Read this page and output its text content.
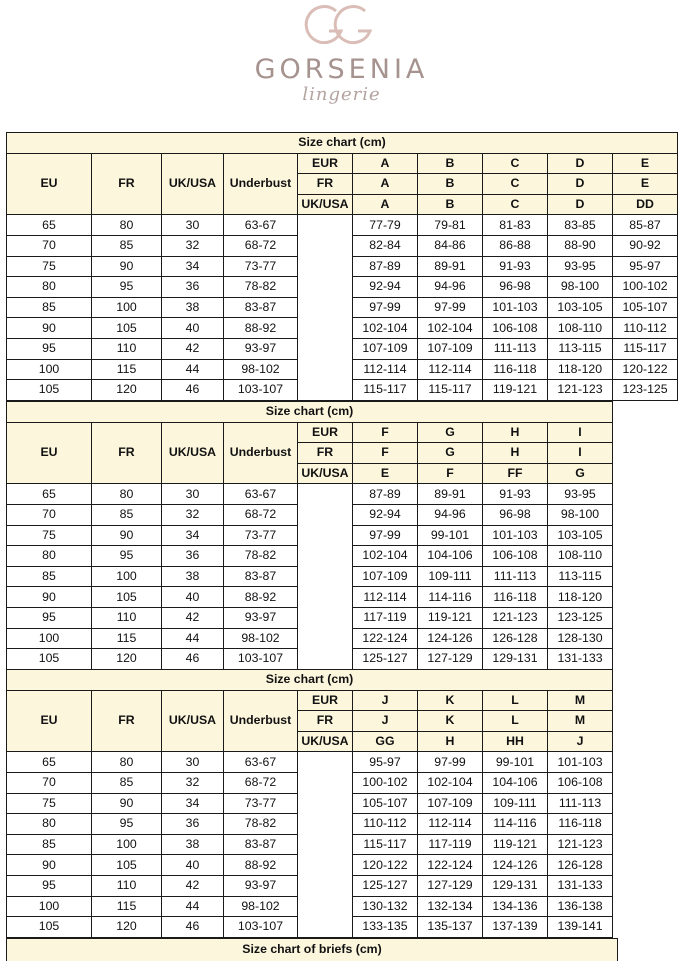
GORSENIA
lingerie
Size chart (cm)									
EU	FR	UK/USA	Underbust	EUR	A	B	C	D	E
				FR	A	B	C	D	E
				UK/USA	A	B	C	D	DD
65	80	30	63-67		77-79	79-81	81-83	83-85	85-87
70	85	32	68-72		82-84	84-86	86-88	88-90	90-92
75	90	34	73-77		87-89	89-91	91-93	93-95	95-97
80	95	36	78-82		92-94	94-96	96-98	98-100	100-102
85	100	38	83-87		97-99	97-99	101-103	103-105	105-107
90	105	40	88-92		102-104	102-104	106-108	108-110	110-112
95	110	42	93-97		107-109	107-109	111-113	113-115	115-117
100	115	44	98-102		112-114	112-114	116-118	118-120	120-122
105	120	46	103-107		115-117	115-117	119-121	121-123	123-125
Size chart (cm)								
EU	FR	UK/USA	Underbust	EUR	F	G	H	I
				FR	F	G	H	I
				UK/USA	E	F	FF	G
65	80	30	63-67		87-89	89-91	91-93	93-95
70	85	32	68-72		92-94	94-96	96-98	98-100
75	90	34	73-77		97-99	99-101	101-103	103-105
80	95	36	78-82		102-104	104-106	106-108	108-110
85	100	38	83-87		107-109	109-111	111-113	113-115
90	105	40	88-92		112-114	114-116	116-118	118-120
95	110	42	93-97		117-119	119-121	121-123	123-125
100	115	44	98-102		122-124	124-126	126-128	128-130
105	120	46	103-107		125-127	127-129	129-131	131-133
Size chart (cm)								
EU	FR	UK/USA	Underbust	EUR	J	K	L	M
				FR	J	K	L	M
				UK/USA	GG	H	HH	J
65	80	30	63-67		95-97	97-99	99-101	101-103
70	85	32	68-72		100-102	102-104	104-106	106-108
75	90	34	73-77		105-107	107-109	109-111	111-113
80	95	36	78-82		110-112	112-114	114-116	116-118
85	100	38	83-87		115-117	117-119	119-121	121-123
90	105	40	88-92		120-122	122-124	124-126	126-128
95	110	42	93-97		125-127	127-129	129-131	131-133
100	115	44	98-102		130-132	132-134	134-136	136-138
105	120	46	103-107		133-135	135-137	137-139	139-141
Size chart of briefs (cm)
